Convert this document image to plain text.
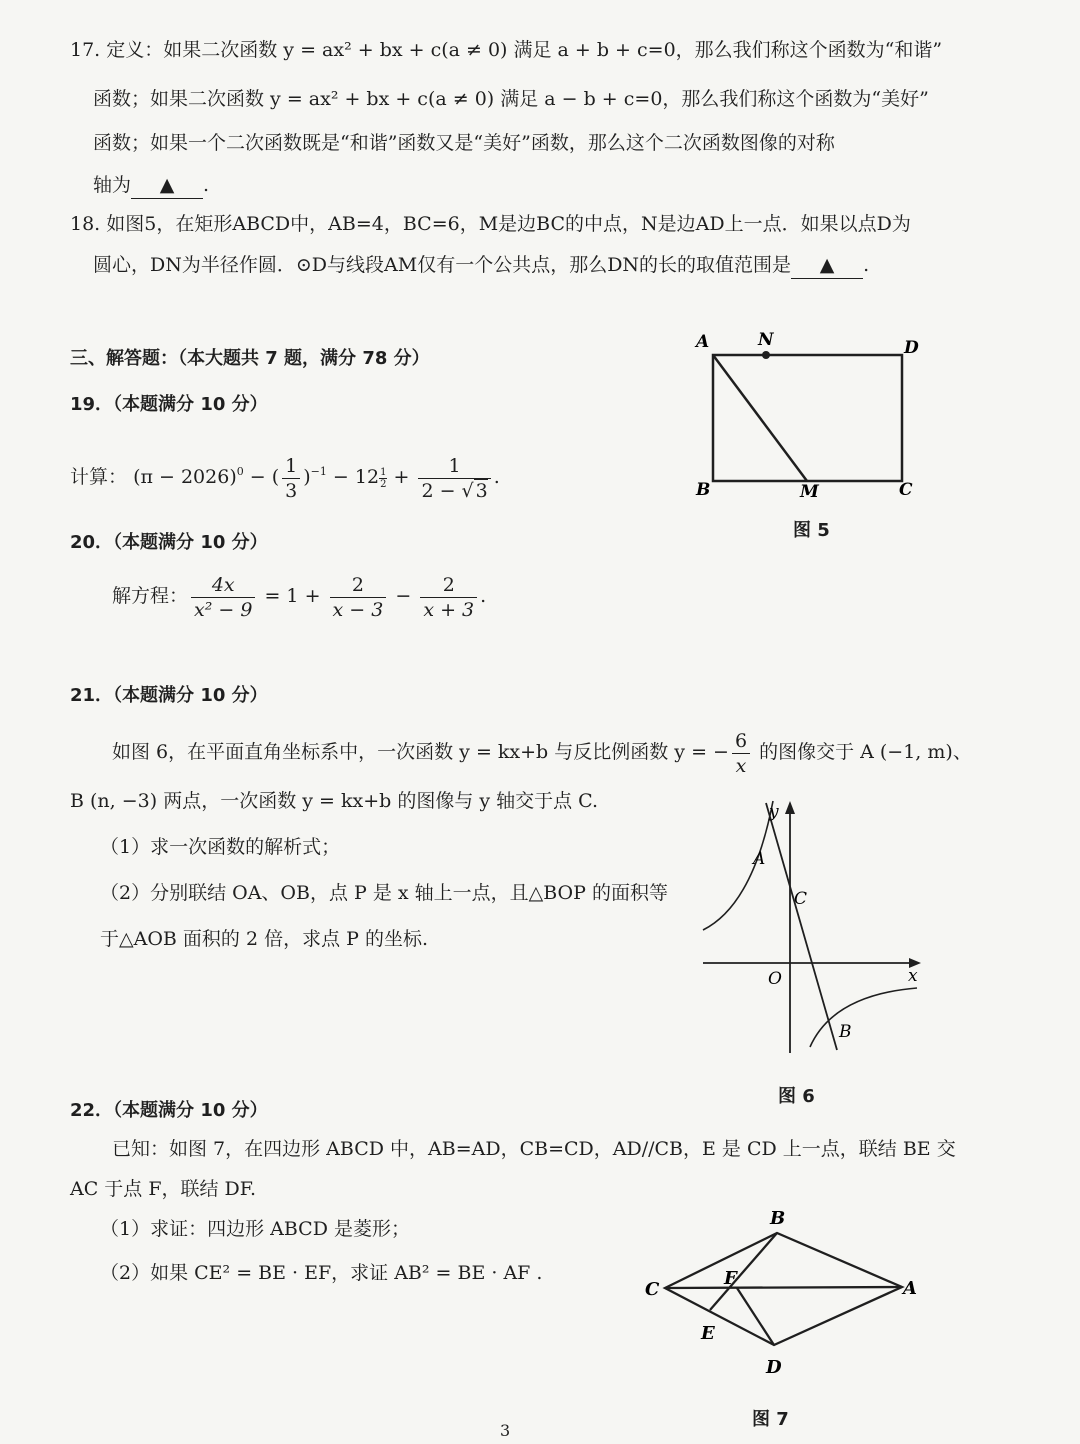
17. 定义：如果二次函数 y = ax² + bx + c(a ≠ 0) 满足 a + b + c=0，那么我们称这个函数为“和谐”
函数；如果二次函数 y = ax² + bx + c(a ≠ 0) 满足 a − b + c=0，那么我们称这个函数为“美好”
函数；如果一个二次函数既是“和谐”函数又是“美好”函数，那么这个二次函数图像的对称
轴为 ▲ .
18. 如图5，在矩形ABCD中，AB=4，BC=6，M是边BC的中点，N是边AD上一点．如果以点D为
圆心，DN为半径作圆．⊙D与线段AM仅有一个公共点，那么DN的长的取值范围是 ▲ .
三、解答题：（本大题共 7 题，满分 78 分）
19．（本题满分 10 分）
计算： $(\pi - 2026)^0$ − ( $\frac{1}{3} )^{-1} - 12 \frac{1}{2} + \frac{1}{2 - √ 3}$ .
20．（本题满分 10 分）
解方程： $\frac{4x}{\text{x² − 9}} = 1 + \frac{2}{x - 3} - \frac{2}{x + 3}$ .
21．（本题满分 10 分）
如图 6，在平面直角坐标系中，一次函数 y = kx+b 与反比例函数 y = − $\frac{6}{x}$ 的图像交于 A (−1, m)、
B (n, −3) 两点，一次函数 y = kx+b 的图像与 y 轴交于点 C.
（1）求一次函数的解析式；
（2）分别联结 OA、OB，点 P 是 x 轴上一点，且△BOP 的面积等
于△AOB 面积的 2 倍，求点 P 的坐标.
22．（本题满分 10 分）
已知：如图 7，在四边形 ABCD 中，AB=AD，CB=CD，AD//CB，E 是 CD 上一点，联结 BE 交
AC 于点 F，联结 DF.
（1）求证：四边形 ABCD 是菱形；
（2）如果 CE² = BE · EF，求证 AB² = BE · AF .
A	N	D
B	M	C
图 5
y
x
O
A
C
B
图 6
B
C
F	A
E
D
图 7
3
